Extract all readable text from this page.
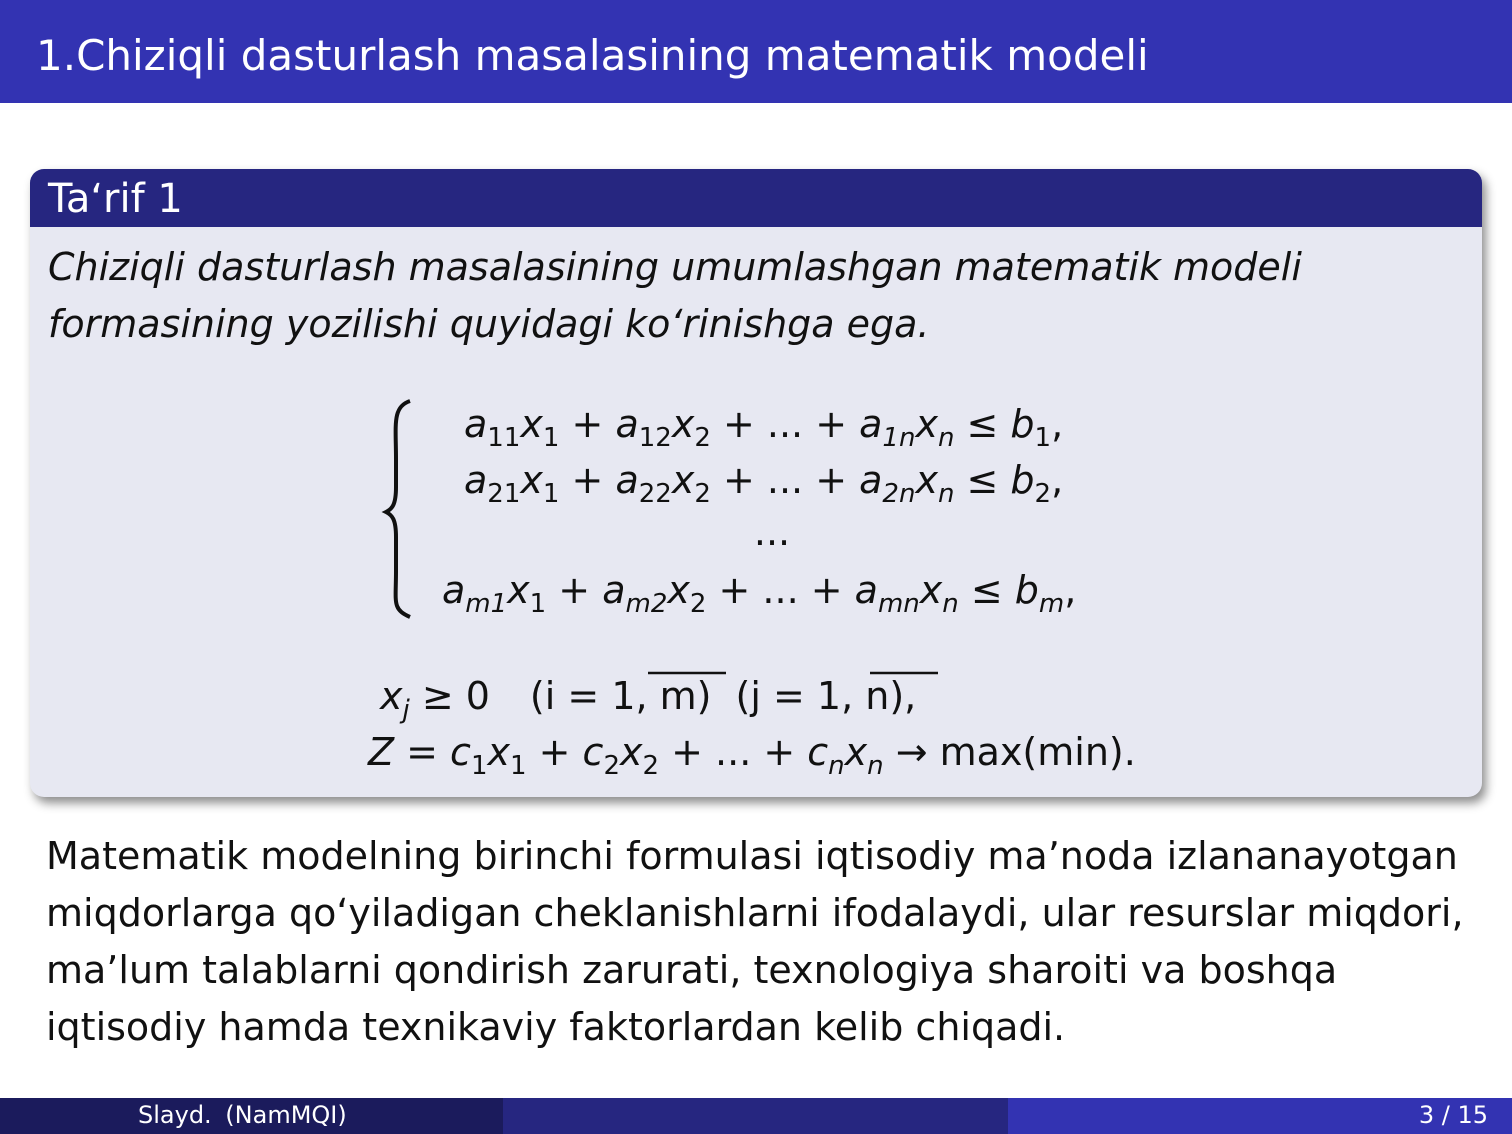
1.Chiziqli dasturlash masalasining matematik modeli
Ta‘rif 1
Chiziqli dasturlash masalasining umumlashgan matematik modeli
formasining yozilishi quyidagi ko‘rinishga ega.
$a_{11}x_1 + a_{12}x_2$ + ... + $a_{1n}x_n \le b_1$,
$a_{21}x_1 + a_{22}x_2$ + ... + $a_{2n}x_n \le b_2$,
...
$a_{m1}x_1 + a_{m2}x_2$ + ... + $a_{mn}x_n \le b_m$,
$x_j \ge 0$ (i = 1, m) (j = 1, n),
$Z = c_1x_1 + c_2x_2$ + ... + $c_nx_n \to \max(\min)$.
Matematik modelning birinchi formulasi iqtisodiy ma’noda izlananayotgan
miqdorlarga qo‘yiladigan cheklanishlarni ifodalaydi, ular resurslar miqdori,
ma’lum talablarni qondirish zarurati, texnologiya sharoiti va boshqa
iqtisodiy hamda texnikaviy faktorlardan kelib chiqadi.
Slayd. (NamMQI)	3 / 15
